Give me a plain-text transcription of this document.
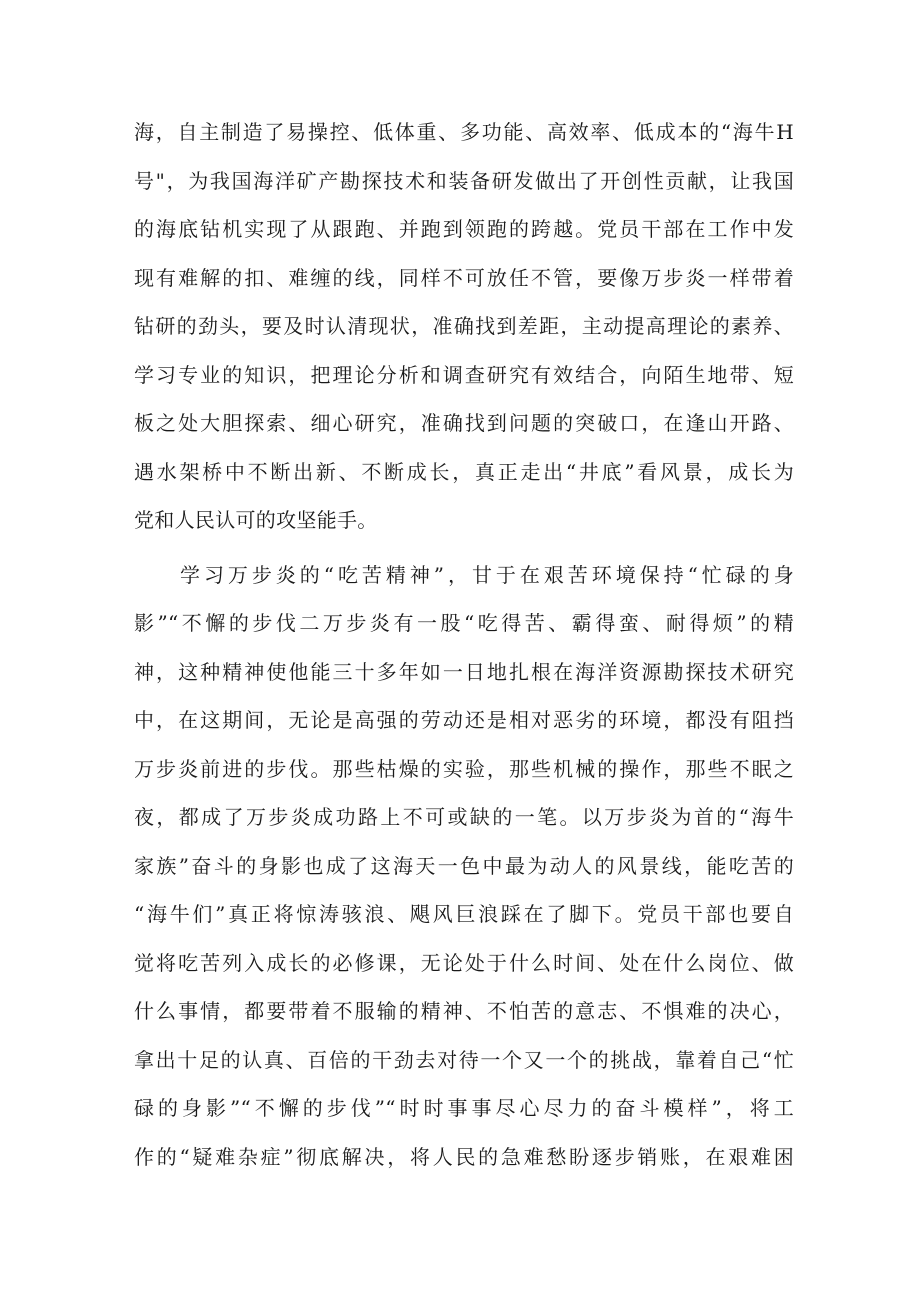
海，自主制造了易操控、低体重、多功能、高效率、低成本的“海牛H
号"，为我国海洋矿产勘探技术和装备研发做出了开创性贡献，让我国
的海底钻机实现了从跟跑、并跑到领跑的跨越。党员干部在工作中发
现有难解的扣、难缠的线，同样不可放任不管，要像万步炎一样带着
钻研的劲头，要及时认清现状，准确找到差距，主动提高理论的素养、
学习专业的知识，把理论分析和调查研究有效结合，向陌生地带、短
板之处大胆探索、细心研究，准确找到问题的突破口，在逢山开路、
遇水架桥中不断出新、不断成长，真正走出“井底”看风景，成长为
党和人民认可的攻坚能手。
学习万步炎的“吃苦精神”，甘于在艰苦环境保持“忙碌的身
影”“不懈的步伐二万步炎有一股“吃得苦、霸得蛮、耐得烦”的精
神，这种精神使他能三十多年如一日地扎根在海洋资源勘探技术研究
中，在这期间，无论是高强的劳动还是相对恶劣的环境，都没有阻挡
万步炎前进的步伐。那些枯燥的实验，那些机械的操作，那些不眠之
夜，都成了万步炎成功路上不可或缺的一笔。以万步炎为首的“海牛
家族”奋斗的身影也成了这海天一色中最为动人的风景线，能吃苦的
“海牛们”真正将惊涛骇浪、飓风巨浪踩在了脚下。党员干部也要自
觉将吃苦列入成长的必修课，无论处于什么时间、处在什么岗位、做
什么事情，都要带着不服输的精神、不怕苦的意志、不惧难的决心，
拿出十足的认真、百倍的干劲去对待一个又一个的挑战，靠着自己“忙
碌的身影”“不懈的步伐”“时时事事尽心尽力的奋斗模样”，将工
作的“疑难杂症”彻底解决，将人民的急难愁盼逐步销账，在艰难困
